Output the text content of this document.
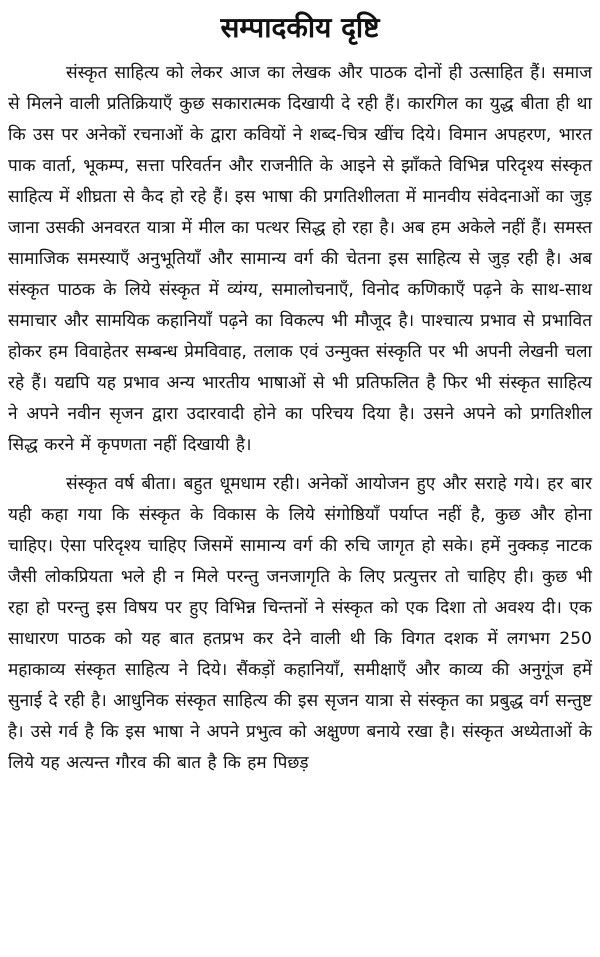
सम्पादकीय दृष्टि

संस्कृत साहित्य को लेकर आज का लेखक और पाठक दोनों ही उत्साहित हैं। समाज से मिलने वाली प्रतिक्रियाएँ कुछ सकारात्मक दिखायी दे रही हैं। कारगिल का युद्ध बीता ही था कि उस पर अनेकों रचनाओं के द्वारा कवियों ने शब्द-चित्र खींच दिये। विमान अपहरण, भारत पाक वार्ता, भूकम्प, सत्ता परिवर्तन और राजनीति के आइने से झाँकते विभिन्न परिदृश्य संस्कृत साहित्य में शीघ्रता से कैद हो रहे हैं। इस भाषा की प्रगतिशीलता में मानवीय संवेदनाओं का जुड़ जाना उसकी अनवरत यात्रा में मील का पत्थर सिद्ध हो रहा है। अब हम अकेले नहीं हैं। समस्त सामाजिक समस्याएँ अनुभूतियाँ और सामान्य वर्ग की चेतना इस साहित्य से जुड़ रही है। अब संस्कृत पाठक के लिये संस्कृत में व्यंग्य, समालोचनाएँ, विनोद कणिकाएँ पढ़ने के साथ-साथ समाचार और सामयिक कहानियाँ पढ़ने का विकल्प भी मौजूद है। पाश्चात्य प्रभाव से प्रभावित होकर हम विवाहेतर सम्बन्ध प्रेमविवाह, तलाक एवं उन्मुक्त संस्कृति पर भी अपनी लेखनी चला रहे हैं। यद्यपि यह प्रभाव अन्य भारतीय भाषाओं से भी प्रतिफलित है फिर भी संस्कृत साहित्य ने अपने नवीन सृजन द्वारा उदारवादी होने का परिचय दिया है। उसने अपने को प्रगतिशील सिद्ध करने में कृपणता नहीं दिखायी है।

संस्कृत वर्ष बीता। बहुत धूमधाम रही। अनेकों आयोजन हुए और सराहे गये। हर बार यही कहा गया कि संस्कृत के विकास के लिये संगोष्ठियाँ पर्याप्त नहीं है, कुछ और होना चाहिए। ऐसा परिदृश्य चाहिए जिसमें सामान्य वर्ग की रुचि जागृत हो सके। हमें नुक्कड़ नाटक जैसी लोकप्रियता भले ही न मिले परन्तु जनजागृति के लिए प्रत्युत्तर तो चाहिए ही। कुछ भी रहा हो परन्तु इस विषय पर हुए विभिन्न चिन्तनों ने संस्कृत को एक दिशा तो अवश्य दी। एक साधारण पाठक को यह बात हतप्रभ कर देने वाली थी कि विगत दशक में लगभग 250 महाकाव्य संस्कृत साहित्य ने दिये। सैंकड़ों कहानियाँ, समीक्षाएँ और काव्य की अनुगूंज हमें सुनाई दे रही है। आधुनिक संस्कृत साहित्य की इस सृजन यात्रा से संस्कृत का प्रबुद्ध वर्ग सन्तुष्ट है। उसे गर्व है कि इस भाषा ने अपने प्रभुत्व को अक्षुण्ण बनाये रखा है। संस्कृत अध्येताओं के लिये यह अत्यन्त गौरव की बात है कि हम पिछड़
